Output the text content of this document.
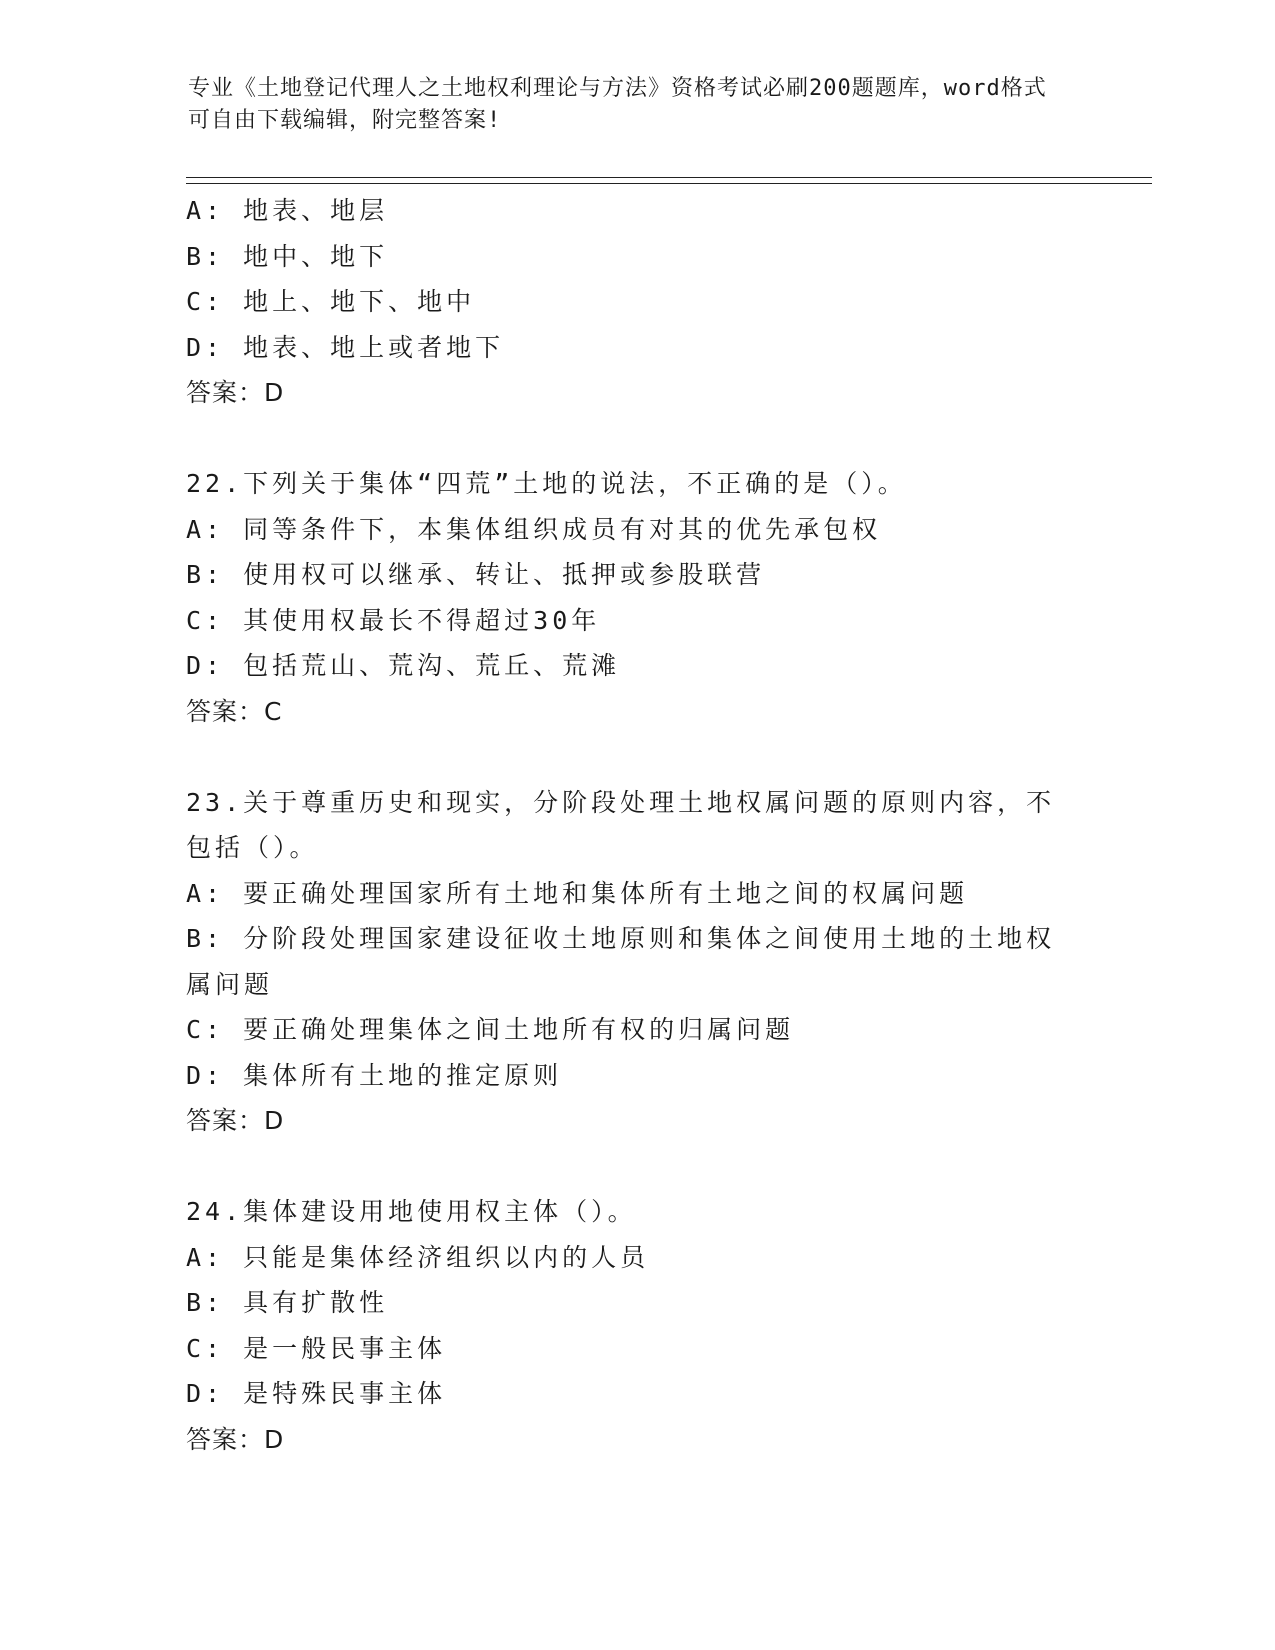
专业《土地登记代理人之土地权利理论与方法》资格考试必刷200题题库，word格式可自由下载编辑，附完整答案!
A: 地表、地层
B: 地中、地下
C: 地上、地下、地中
D: 地表、地上或者地下
答案：D
22.下列关于集体“四荒”土地的说法，不正确的是（）。
A: 同等条件下，本集体组织成员有对其的优先承包权
B: 使用权可以继承、转让、抵押或参股联营
C: 其使用权最长不得超过30年
D: 包括荒山、荒沟、荒丘、荒滩
答案：C
23.关于尊重历史和现实，分阶段处理土地权属问题的原则内容，不包括（）。
A: 要正确处理国家所有土地和集体所有土地之间的权属问题
B: 分阶段处理国家建设征收土地原则和集体之间使用土地的土地权属问题
C: 要正确处理集体之间土地所有权的归属问题
D: 集体所有土地的推定原则
答案：D
24.集体建设用地使用权主体（）。
A: 只能是集体经济组织以内的人员
B: 具有扩散性
C: 是一般民事主体
D: 是特殊民事主体
答案：D
